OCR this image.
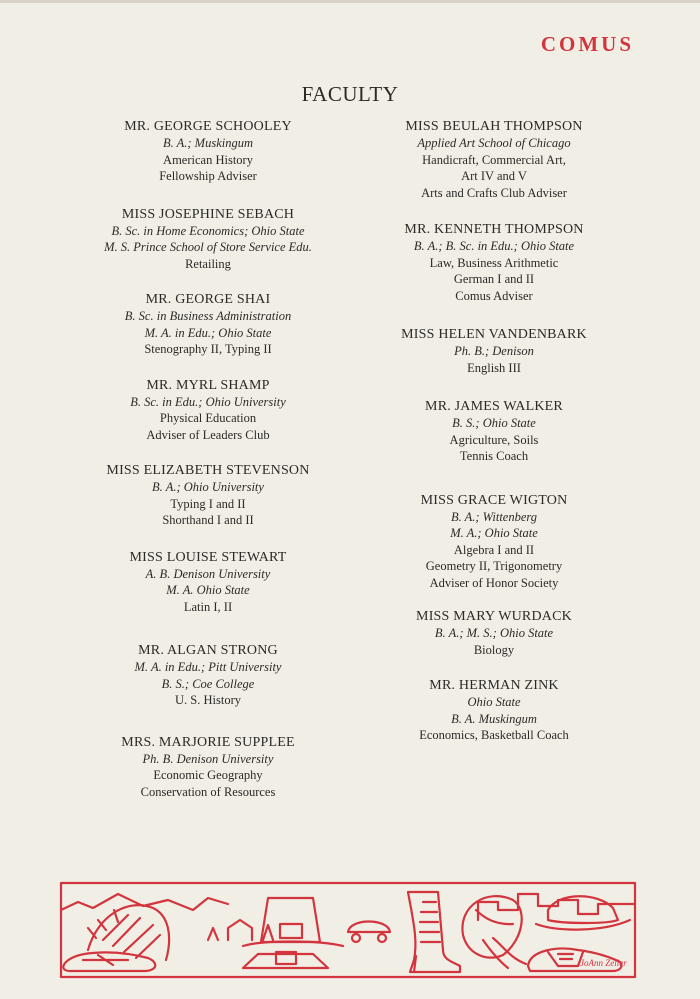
COMUS
FACULTY
MR. GEORGE SCHOOLEY
B. A.; Muskingum
American History
Fellowship Adviser
MISS JOSEPHINE SEBACH
B. Sc. in Home Economics; Ohio State
M. S. Prince School of Store Service Edu.
Retailing
MR. GEORGE SHAI
B. Sc. in Business Administration
M. A. in Edu.; Ohio State
Stenography II, Typing II
MR. MYRL SHAMP
B. Sc. in Edu.; Ohio University
Physical Education
Adviser of Leaders Club
MISS ELIZABETH STEVENSON
B. A.; Ohio University
Typing I and II
Shorthand I and II
MISS LOUISE STEWART
A. B. Denison University
M. A. Ohio State
Latin I, II
MR. ALGAN STRONG
M. A. in Edu.; Pitt University
B. S.; Coe College
U. S. History
MRS. MARJORIE SUPPLEE
Ph. B. Denison University
Economic Geography
Conservation of Resources
MISS BEULAH THOMPSON
Applied Art School of Chicago
Handicraft, Commercial Art,
Art IV and V
Arts and Crafts Club Adviser
MR. KENNETH THOMPSON
B. A.; B. Sc. in Edu.; Ohio State
Law, Business Arithmetic
German I and II
Comus Adviser
MISS HELEN VANDENBARK
Ph. B.; Denison
English III
MR. JAMES WALKER
B. S.; Ohio State
Agriculture, Soils
Tennis Coach
MISS GRACE WIGTON
B. A.; Wittenberg
M. A.; Ohio State
Algebra I and II
Geometry II, Trigonometry
Adviser of Honor Society
MISS MARY WURDACK
B. A.; M. S.; Ohio State
Biology
MR. HERMAN ZINK
Ohio State
B. A. Muskingum
Economics, Basketball Coach
JoAnn Zeller
